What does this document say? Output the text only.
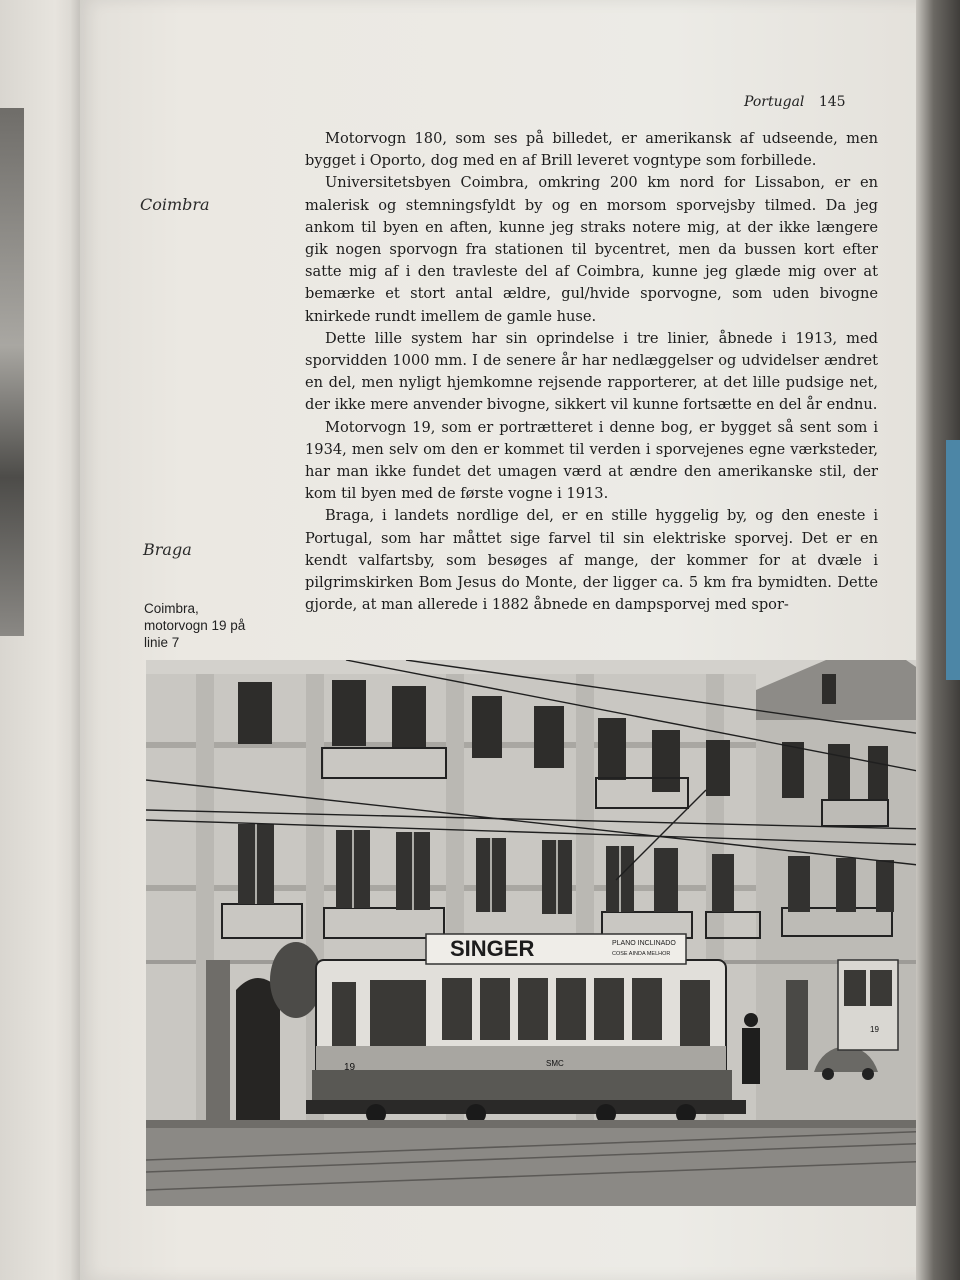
Portugal 145
Coimbra
Braga
Coimbra,
motorvogn 19 på
linie 7

Motorvogn 180, som ses på billedet, er amerikansk af udseende, men bygget i Oporto, dog med en af Brill leveret vogntype som forbillede.

Universitetsbyen Coimbra, omkring 200 km nord for Lissabon, er en malerisk og stemningsfyldt by og en morsom sporvejsby tilmed. Da jeg ankom til byen en aften, kunne jeg straks notere mig, at der ikke længere gik nogen sporvogn fra stationen til bycentret, men da bussen kort efter satte mig af i den travleste del af Coimbra, kunne jeg glæde mig over at bemærke et stort antal ældre, gul/hvide sporvogne, som uden bivogne knirkede rundt imellem de gamle huse.

Dette lille system har sin oprindelse i tre linier, åbnede i 1913, med sporvidden 1000 mm. I de senere år har nedlæggelser og udvidelser ændret en del, men nyligt hjemkomne rejsende rapporterer, at det lille pudsige net, der ikke mere anvender bivogne, sikkert vil kunne fortsætte en del år endnu.

Motorvogn 19, som er portrætteret i denne bog, er bygget så sent som i 1934, men selv om den er kommet til verden i sporvejenes egne værksteder, har man ikke fundet det umagen værd at ændre den amerikanske stil, der kom til byen med de første vogne i 1913.

Braga, i landets nordlige del, er en stille hyggelig by, og den eneste i Portugal, som har måttet sige farvel til sin elektriske sporvej. Det er en kendt valfartsby, som besøges af mange, der kommer for at dvæle i pilgrimskirken Bom Jesus do Monte, der ligger ca. 5 km fra bymidten. Dette gjorde, at man allerede i 1882 åbnede en dampsporvej med spor-

SINGER	PLANO INCLINADO
COSE AINDA MELHOR
19	SMC
19
